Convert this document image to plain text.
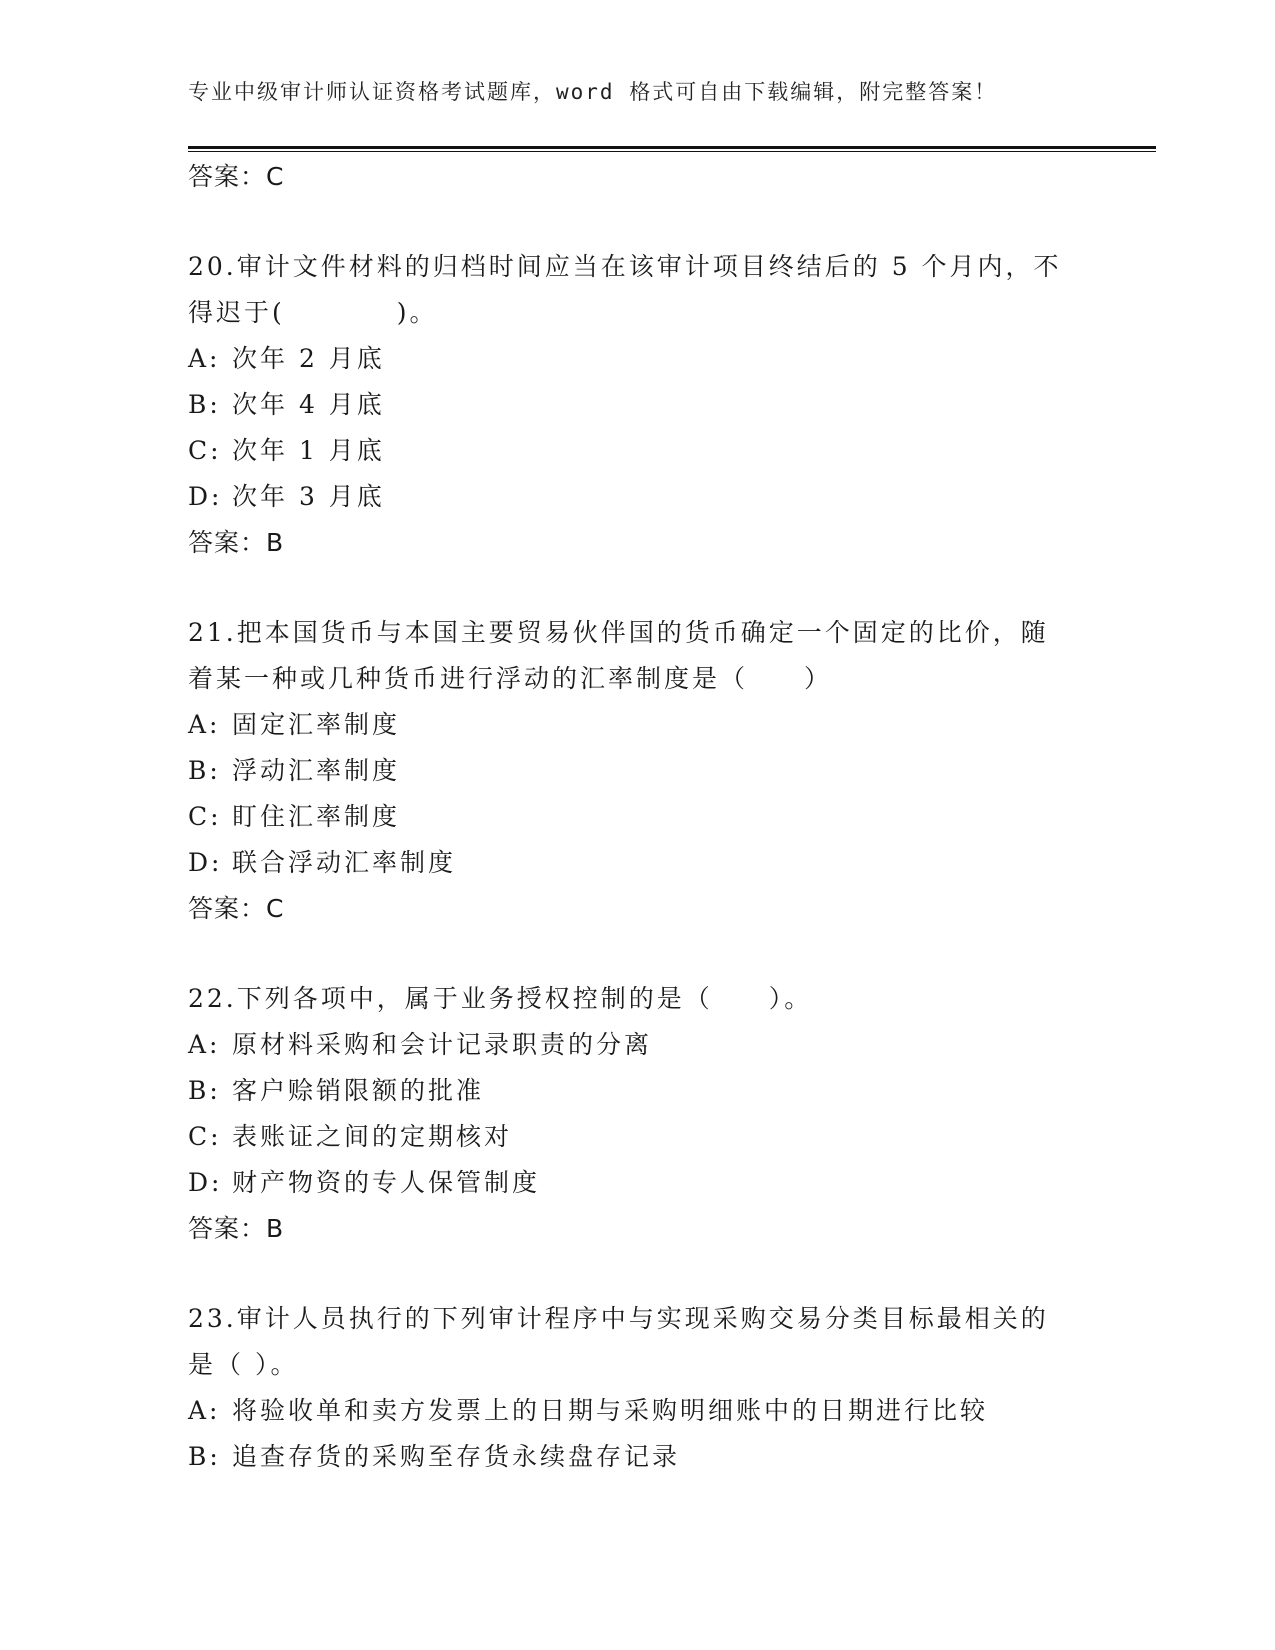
专业中级审计师认证资格考试题库，word 格式可自由下载编辑，附完整答案！
答案：C
20.审计文件材料的归档时间应当在该审计项目终结后的 5 个月内，不
得迟于(　　　　)。
A: 次年 2 月底
B: 次年 4 月底
C: 次年 1 月底
D: 次年 3 月底
答案：B
21.把本国货币与本国主要贸易伙伴国的货币确定一个固定的比价，随
着某一种或几种货币进行浮动的汇率制度是（　　）
A: 固定汇率制度
B: 浮动汇率制度
C: 盯住汇率制度
D: 联合浮动汇率制度
答案：C
22.下列各项中，属于业务授权控制的是（　　）。
A: 原材料采购和会计记录职责的分离
B: 客户赊销限额的批准
C: 表账证之间的定期核对
D: 财产物资的专人保管制度
答案：B
23.审计人员执行的下列审计程序中与实现采购交易分类目标最相关的
是（ ）。
A: 将验收单和卖方发票上的日期与采购明细账中的日期进行比较
B: 追查存货的采购至存货永续盘存记录
